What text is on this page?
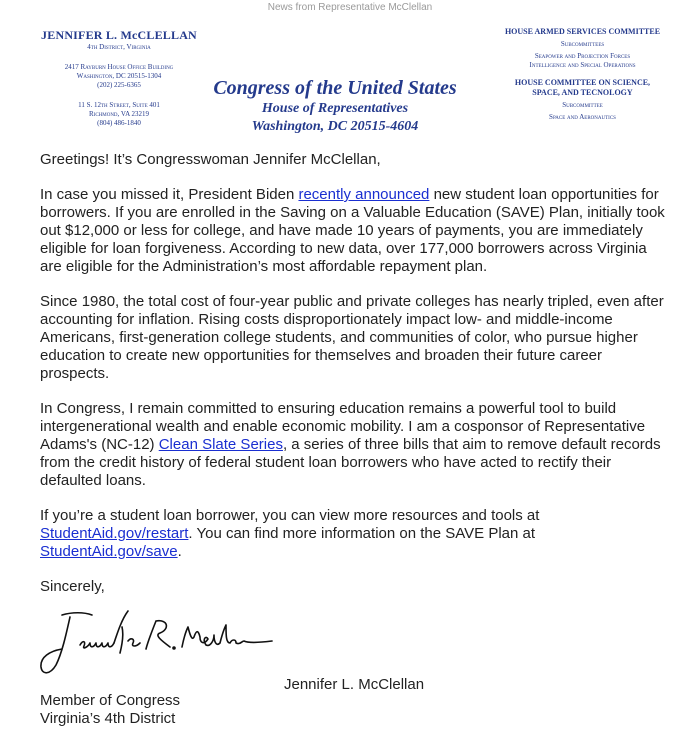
News from Representative McClellan
JENNIFER L. McCLELLAN
4th District, Virginia
2417 Rayburn House Office Building
Washington, DC 20515-1304
(202) 225-6365
11 S. 12th Street, Suite 401
Richmond, VA 23219
(804) 486-1840
Congress of the United States
House of Representatives
Washington, DC 20515-4604
HOUSE ARMED SERVICES COMMITTEE
Subcommittees
Seapower and Projection Forces
Intelligence and Special Operations
HOUSE COMMITTEE ON SCIENCE,
SPACE, AND TECNOLOGY
Subcommittee
Space and Aeronautics

Greetings! It’s Congresswoman Jennifer McClellan,

In case you missed it, President Biden recently announced new student loan opportunities for borrowers. If you are enrolled in the Saving on a Valuable Education (SAVE) Plan, initially took out $12,000 or less for college, and have made 10 years of payments, you are immediately eligible for loan forgiveness. According to new data, over 177,000 borrowers across Virginia are eligible for the Administration’s most affordable repayment plan.

Since 1980, the total cost of four-year public and private colleges has nearly tripled, even after accounting for inflation. Rising costs disproportionately impact low- and middle-income Americans, first-generation college students, and communities of color, who pursue higher education to create new opportunities for themselves and broaden their future career prospects.

In Congress, I remain committed to ensuring education remains a powerful tool to build intergenerational wealth and enable economic mobility. I am a cosponsor of Representative Adams's (NC-12) Clean Slate Series, a series of three bills that aim to remove default records from the credit history of federal student loan borrowers who have acted to rectify their defaulted loans.

If you’re a student loan borrower, you can view more resources and tools at StudentAid.gov/restart. You can find more information on the SAVE Plan at StudentAid.gov/save.

Sincerely,

Jennifer L. McClellan
Member of Congress
Virginia’s 4th District
